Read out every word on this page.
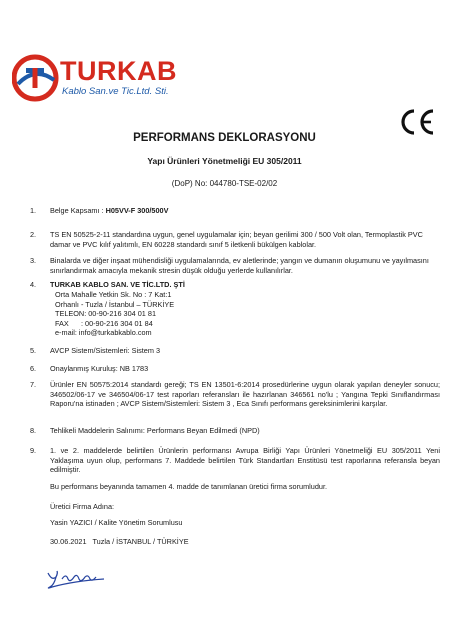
TURKAB
Kablo San.ve Tic.Ltd. Sti.
PERFORMANS DEKLORASYONU
Yapı Ürünleri Yönetmeliği EU 305/2011
(DoP) No: 044780-TSE-02/02
1.	Belge Kapsamı : H05VV-F 300/500V
2.	TS EN 50525-2-11 standardına uygun, genel uygulamalar için; beyan gerilimi 300 / 500 Volt olan, Termoplastik PVC damar ve PVC kılıf yalıtımlı, EN 60228 standardı sınıf 5 iletkenli bükülgen kablolar.
3.	Binalarda ve diğer inşaat mühendisliği uygulamalarında, ev aletlerinde; yangın ve dumanın oluşumunu ve yayılmasını sınırlandırmak amacıyla mekanik stresin düşük olduğu yerlerde kullanılırlar.
4.	TURKAB KABLO SAN. VE TİC.LTD. ŞTİ
Orta Mahalle Yetkin Sk. No : 7 Kat:1
Orhanlı - Tuzla / İstanbul – TÜRKİYE
TELEON: 00-90-216 304 01 81
FAX      : 00-90-216 304 01 84
e-mail: info@turkabkablo.com
5.	AVCP Sistem/Sistemleri: Sistem 3
6.	Onaylanmış Kuruluş: NB 1783
7.	Ürünler EN 50575:2014 standardı gereği; TS EN 13501-6:2014 prosedürlerine uygun olarak yapılan deneyler sonucu; 346502/06-17 ve 346504/06-17 test raporları referansları ile hazırlanan 346561 no'lu ; Yangına Tepki Sınıflandırması Raporu'na istinaden ; AVCP Sistem/Sistemleri: Sistem 3 , Eca Sınıfı performans gereksinimlerini karşılar.
8.	Tehlikeli Maddelerin Salınımı: Performans Beyan Edilmedi (NPD)
9.	1. ve 2. maddelerde belirtilen Ürünlerin performansı Avrupa Birliği Yapı Ürünleri Yönetmeliği EU 305/2011 Yeni Yaklaşıma uyun olup, performans 7. Maddede belirtilen Türk Standartları Enstitüsü test raporlarına referansla beyan edilmiştir.
Bu performans beyanında tamamen 4. madde de tanımlanan üretici firma sorumludur.
Üretici Firma Adına:
Yasin YAZICI / Kalite Yönetim Sorumlusu
30.06.2021   Tuzla / İSTANBUL / TÜRKİYE
